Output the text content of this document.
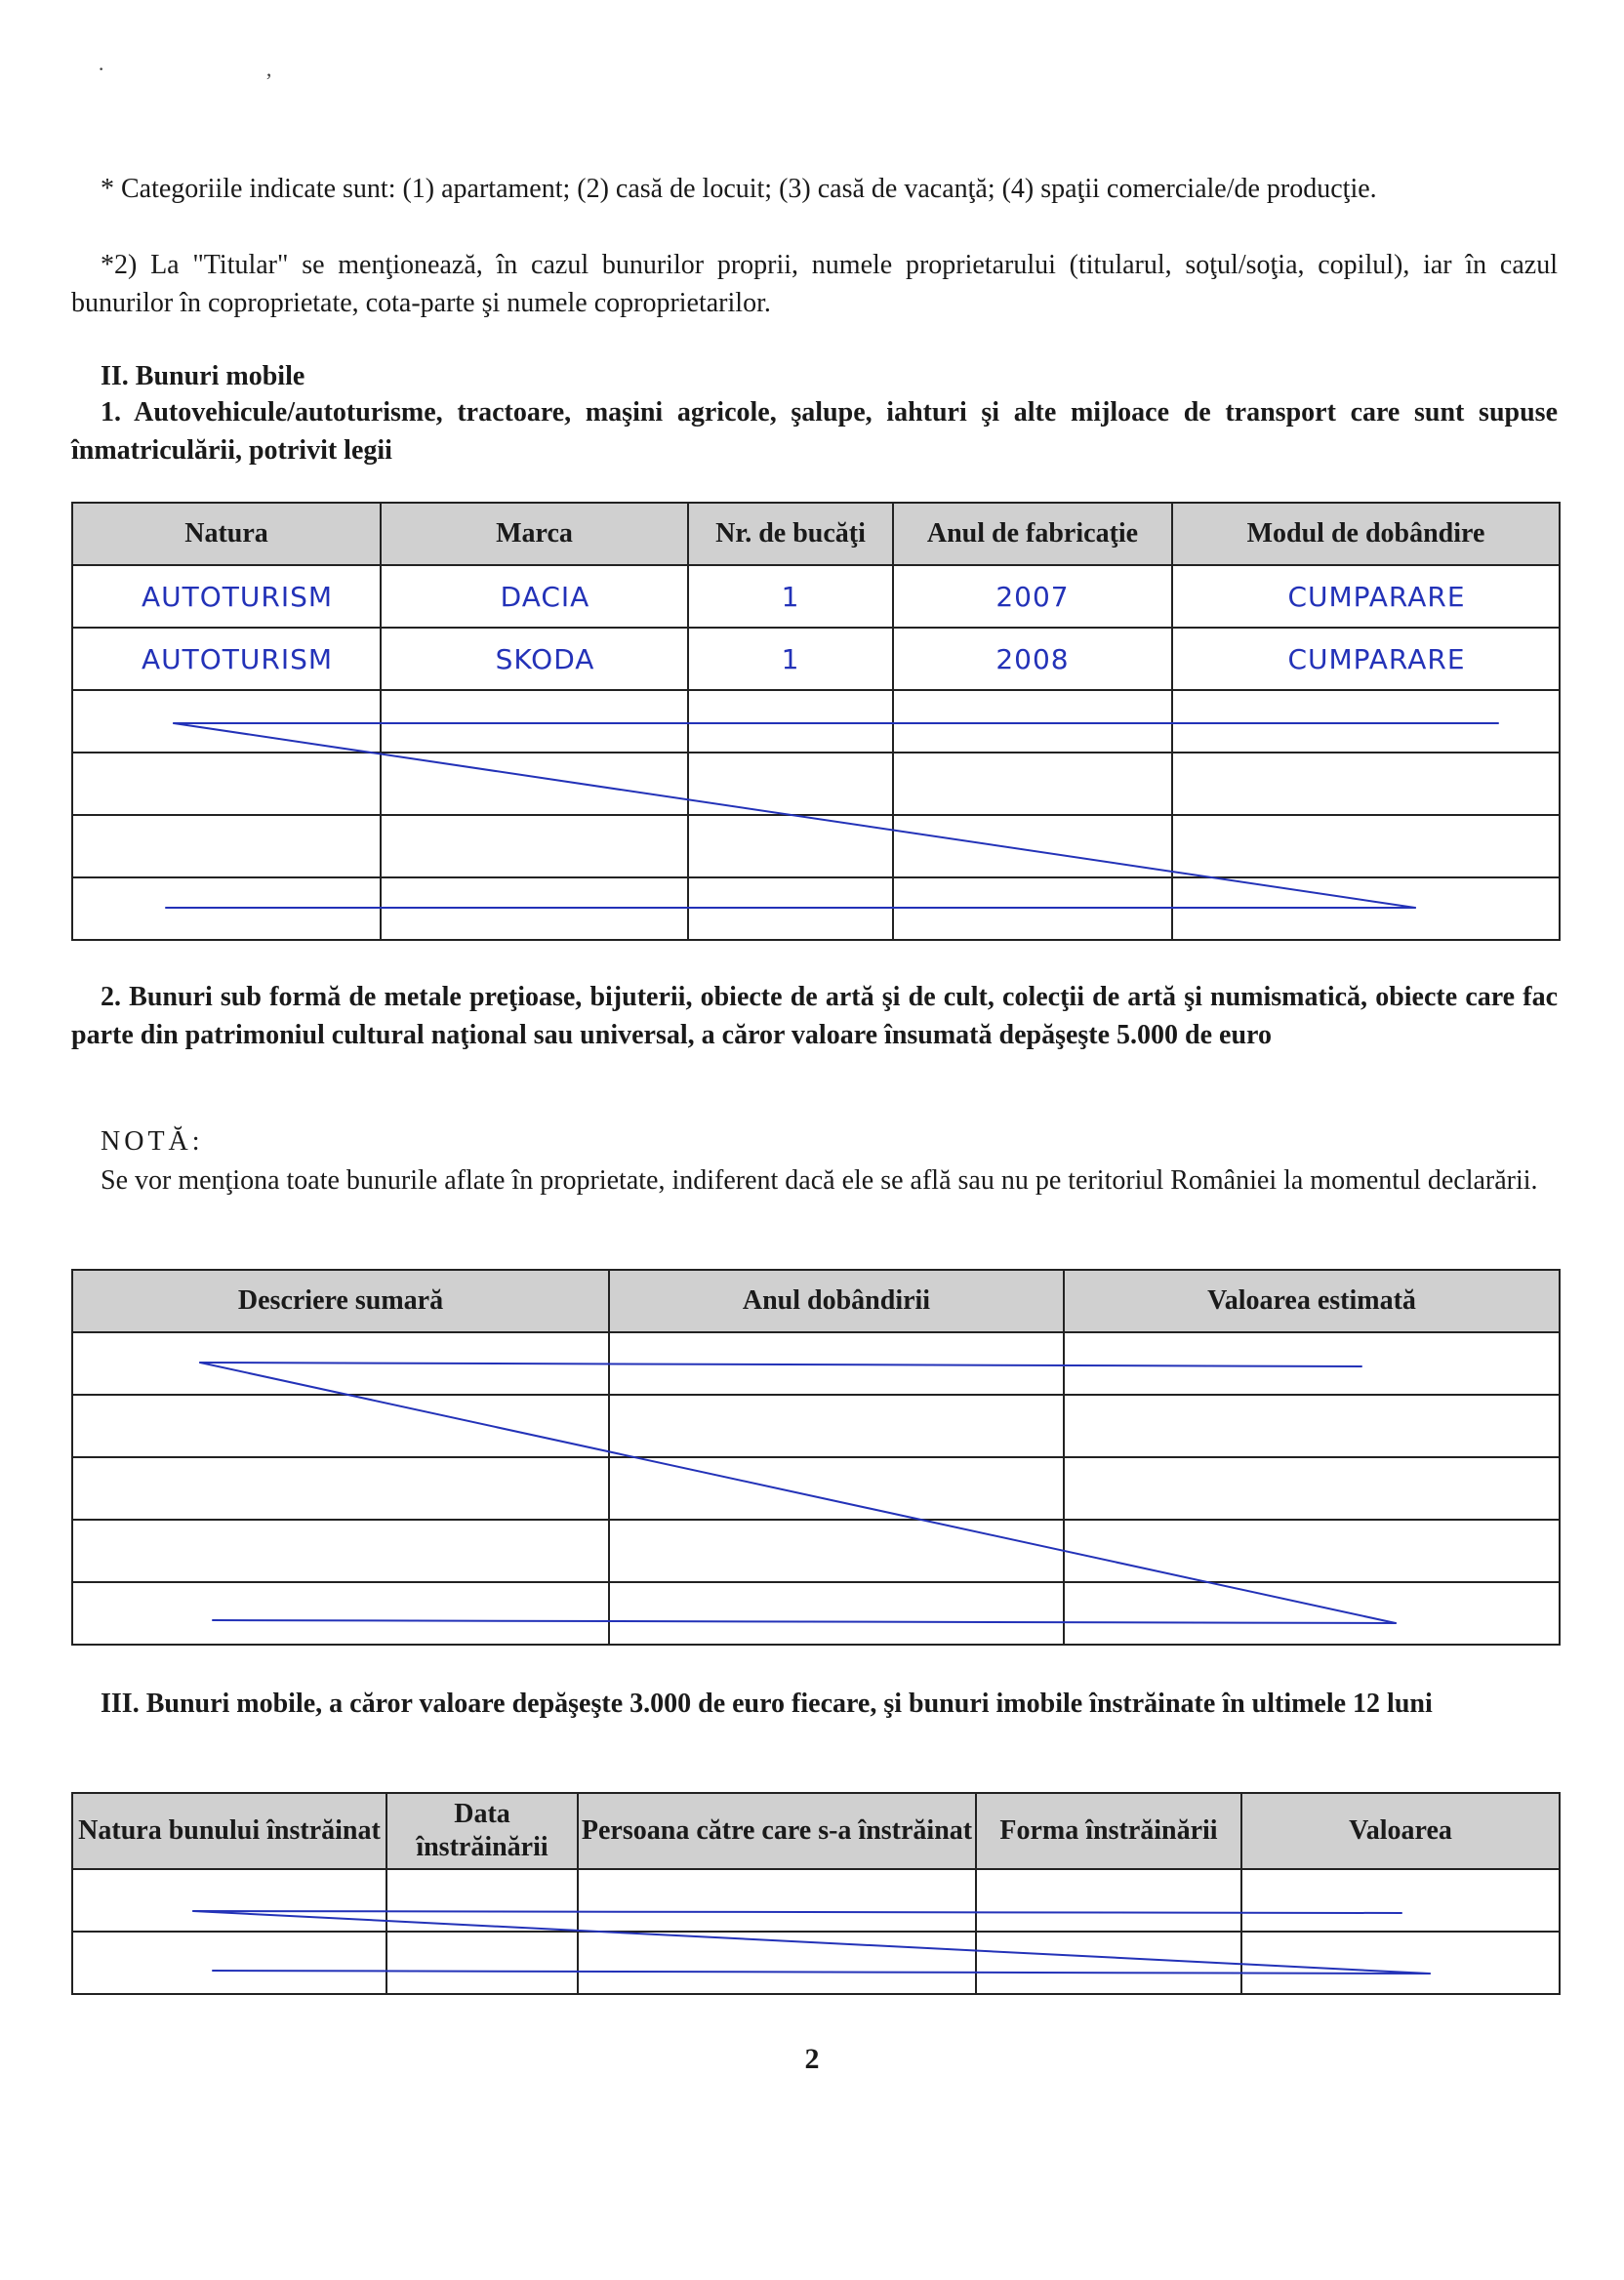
· ,
* Categoriile indicate sunt: (1) apartament; (2) casă de locuit; (3) casă de vacanţă; (4) spaţii comerciale/de producţie.
*2) La "Titular" se menţionează, în cazul bunurilor proprii, numele proprietarului (titularul, soţul/soţia, copilul), iar în cazul bunurilor în coproprietate, cota-parte şi numele coproprietarilor.
II. Bunuri mobile
1. Autovehicule/autoturisme, tractoare, maşini agricole, şalupe, iahturi şi alte mijloace de transport care sunt supuse înmatriculării, potrivit legii
Natura	Marca	Nr. de bucăţi	Anul de fabricaţie	Modul de dobândire
AUTOTURISM	DACIA	1	2007	CUMPARARE
AUTOTURISM	SKODA	1	2008	CUMPARARE

2. Bunuri sub formă de metale preţioase, bijuterii, obiecte de artă şi de cult, colecţii de artă şi numismatică, obiecte care fac parte din patrimoniul cultural naţional sau universal, a căror valoare însumată depăşeşte 5.000 de euro
NOTĂ:
Se vor menţiona toate bunurile aflate în proprietate, indiferent dacă ele se află sau nu pe teritoriul României la momentul declarării.
Descriere sumară	Anul dobândirii	Valoarea estimată

III. Bunuri mobile, a căror valoare depăşeşte 3.000 de euro fiecare, şi bunuri imobile înstrăinate în ultimele 12 luni
Natura bunului înstrăinat	Data înstrăinării	Persoana către care s-a înstrăinat	Forma înstrăinării	Valoarea

2
